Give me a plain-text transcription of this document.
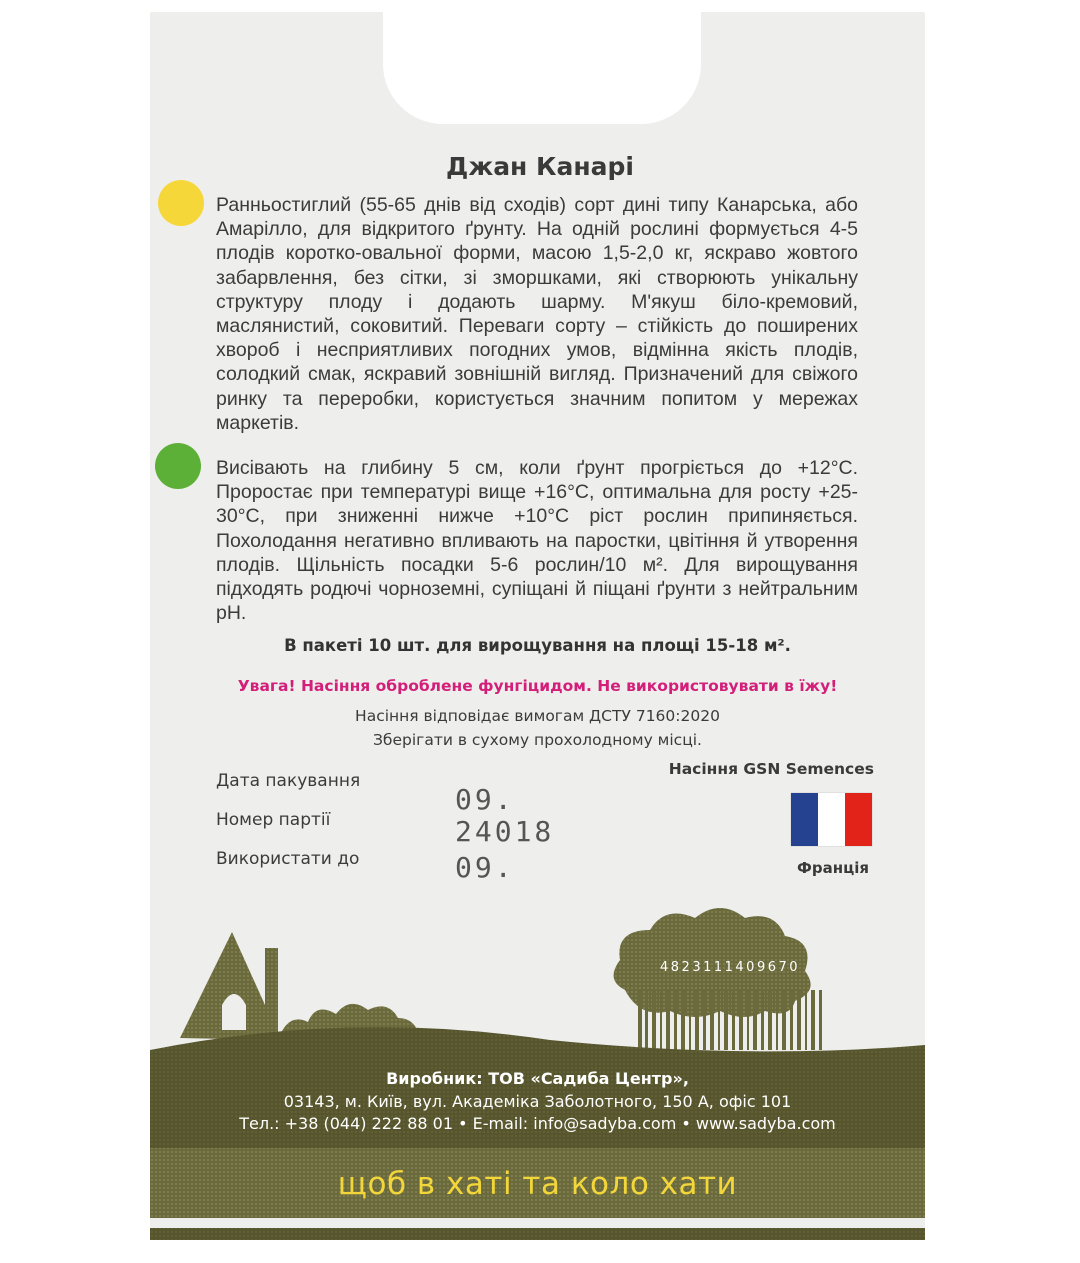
Джан Канарі
Ранньостиглий (55-65 днів від сходів) сорт дині типу Канарська, або Амарілло, для відкритого ґрунту. На одній рослині формується 4-5 плодів коротко-овальної форми, масою 1,5-2,0 кг, яскраво жовтого забарвлення, без сітки, зі зморшками, які створюють унікальну структуру плоду і додають шарму. М'якуш біло-кремовий, маслянистий, соковитий. Переваги сорту – стійкість до поширених хвороб і несприятливих погодних умов, відмінна якість плодів, солодкий смак, яскравий зовнішній вигляд. Призначений для свіжого ринку та переробки, користується значним попитом у мережах маркетів.
Висівають на глибину 5 см, коли ґрунт прогріється до +12°С. Проростає при температурі вище +16°С, оптимальна для росту +25-30°С, при зниженні нижче +10°С ріст рослин припиняється. Похолодання негативно впливають на паростки, цвітіння й утворення плодів. Щільність посадки 5-6 рослин/10 м². Для вирощування підходять родючі чорноземні, супіщані й піщані ґрунти з нейтральним рН.
В пакеті 10 шт. для вирощування на площі 15-18 м².
Увага! Насіння оброблене фунгіцидом. Не використовувати в їжу!
Насіння відповідає вимогам ДСТУ 7160:2020
Зберігати в сухому прохолодному місці.
Дата пакування
Номер партії
Використати до
09.
24018
09.
Насіння GSN Semences
Франція
4823111409670
Виробник: ТОВ «Садиба Центр»,
03143, м. Київ, вул. Академіка Заболотного, 150 А, офіс 101
Тел.: +38 (044) 222 88 01 • E-mail: info@sadyba.com • www.sadyba.com
щоб в хаті та коло хати
